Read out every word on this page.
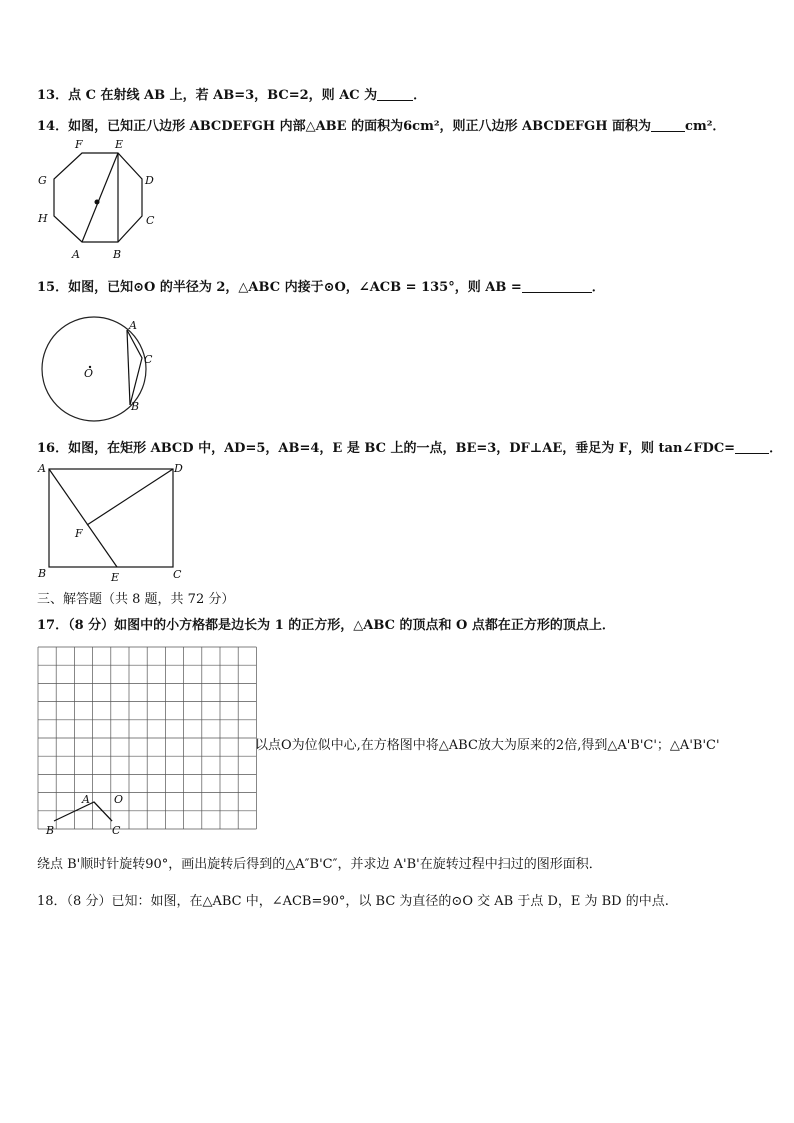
13．点 C 在射线 AB 上，若 AB=3，BC=2，则 AC 为	．
14．如图，已知正八边形 ABCDEFGH 内部△ABE 的面积为6cm²，则正八边形 ABCDEFGH 面积为	cm²．
F	E
G	D
H	C
A	B
15．如图，已知⊙O 的半径为 2，△ABC 内接于⊙O，∠ACB = 135°，则 AB =	．
A
C
B
O
16．如图，在矩形 ABCD 中，AD=5，AB=4，E 是 BC 上的一点，BE=3，DF⊥AE，垂足为 F，则 tan∠FDC=	．
A	D
F
B	E	C
三、解答题（共 8 题，共 72 分）
17．（8 分）如图中的小方格都是边长为 1 的正方形，△ABC 的顶点和 O 点都在正方形的顶点上．
A O
B	C
以点O为位似中心,在方格图中将△ABC放大为原来的2倍,得到△A'B'C'；△A'B'C'
绕点 B'顺时针旋转90°，画出旋转后得到的△A″B'C″，并求边 A'B'在旋转过程中扫过的图形面积．
18．（8 分）已知：如图，在△ABC 中，∠ACB=90°，以 BC 为直径的⊙O 交 AB 于点 D，E 为 BD 的中点.
